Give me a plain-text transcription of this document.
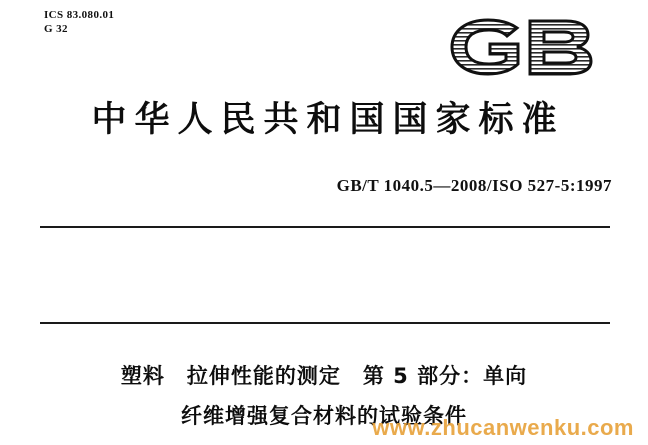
ICS 83.080.01
G 32
中华人民共和国国家标准
GB/T 1040.5—2008/ISO 527-5:1997
塑料　拉伸性能的测定　第 5 部分：单向
纤维增强复合材料的试验条件
www.zhucanwenku.com
